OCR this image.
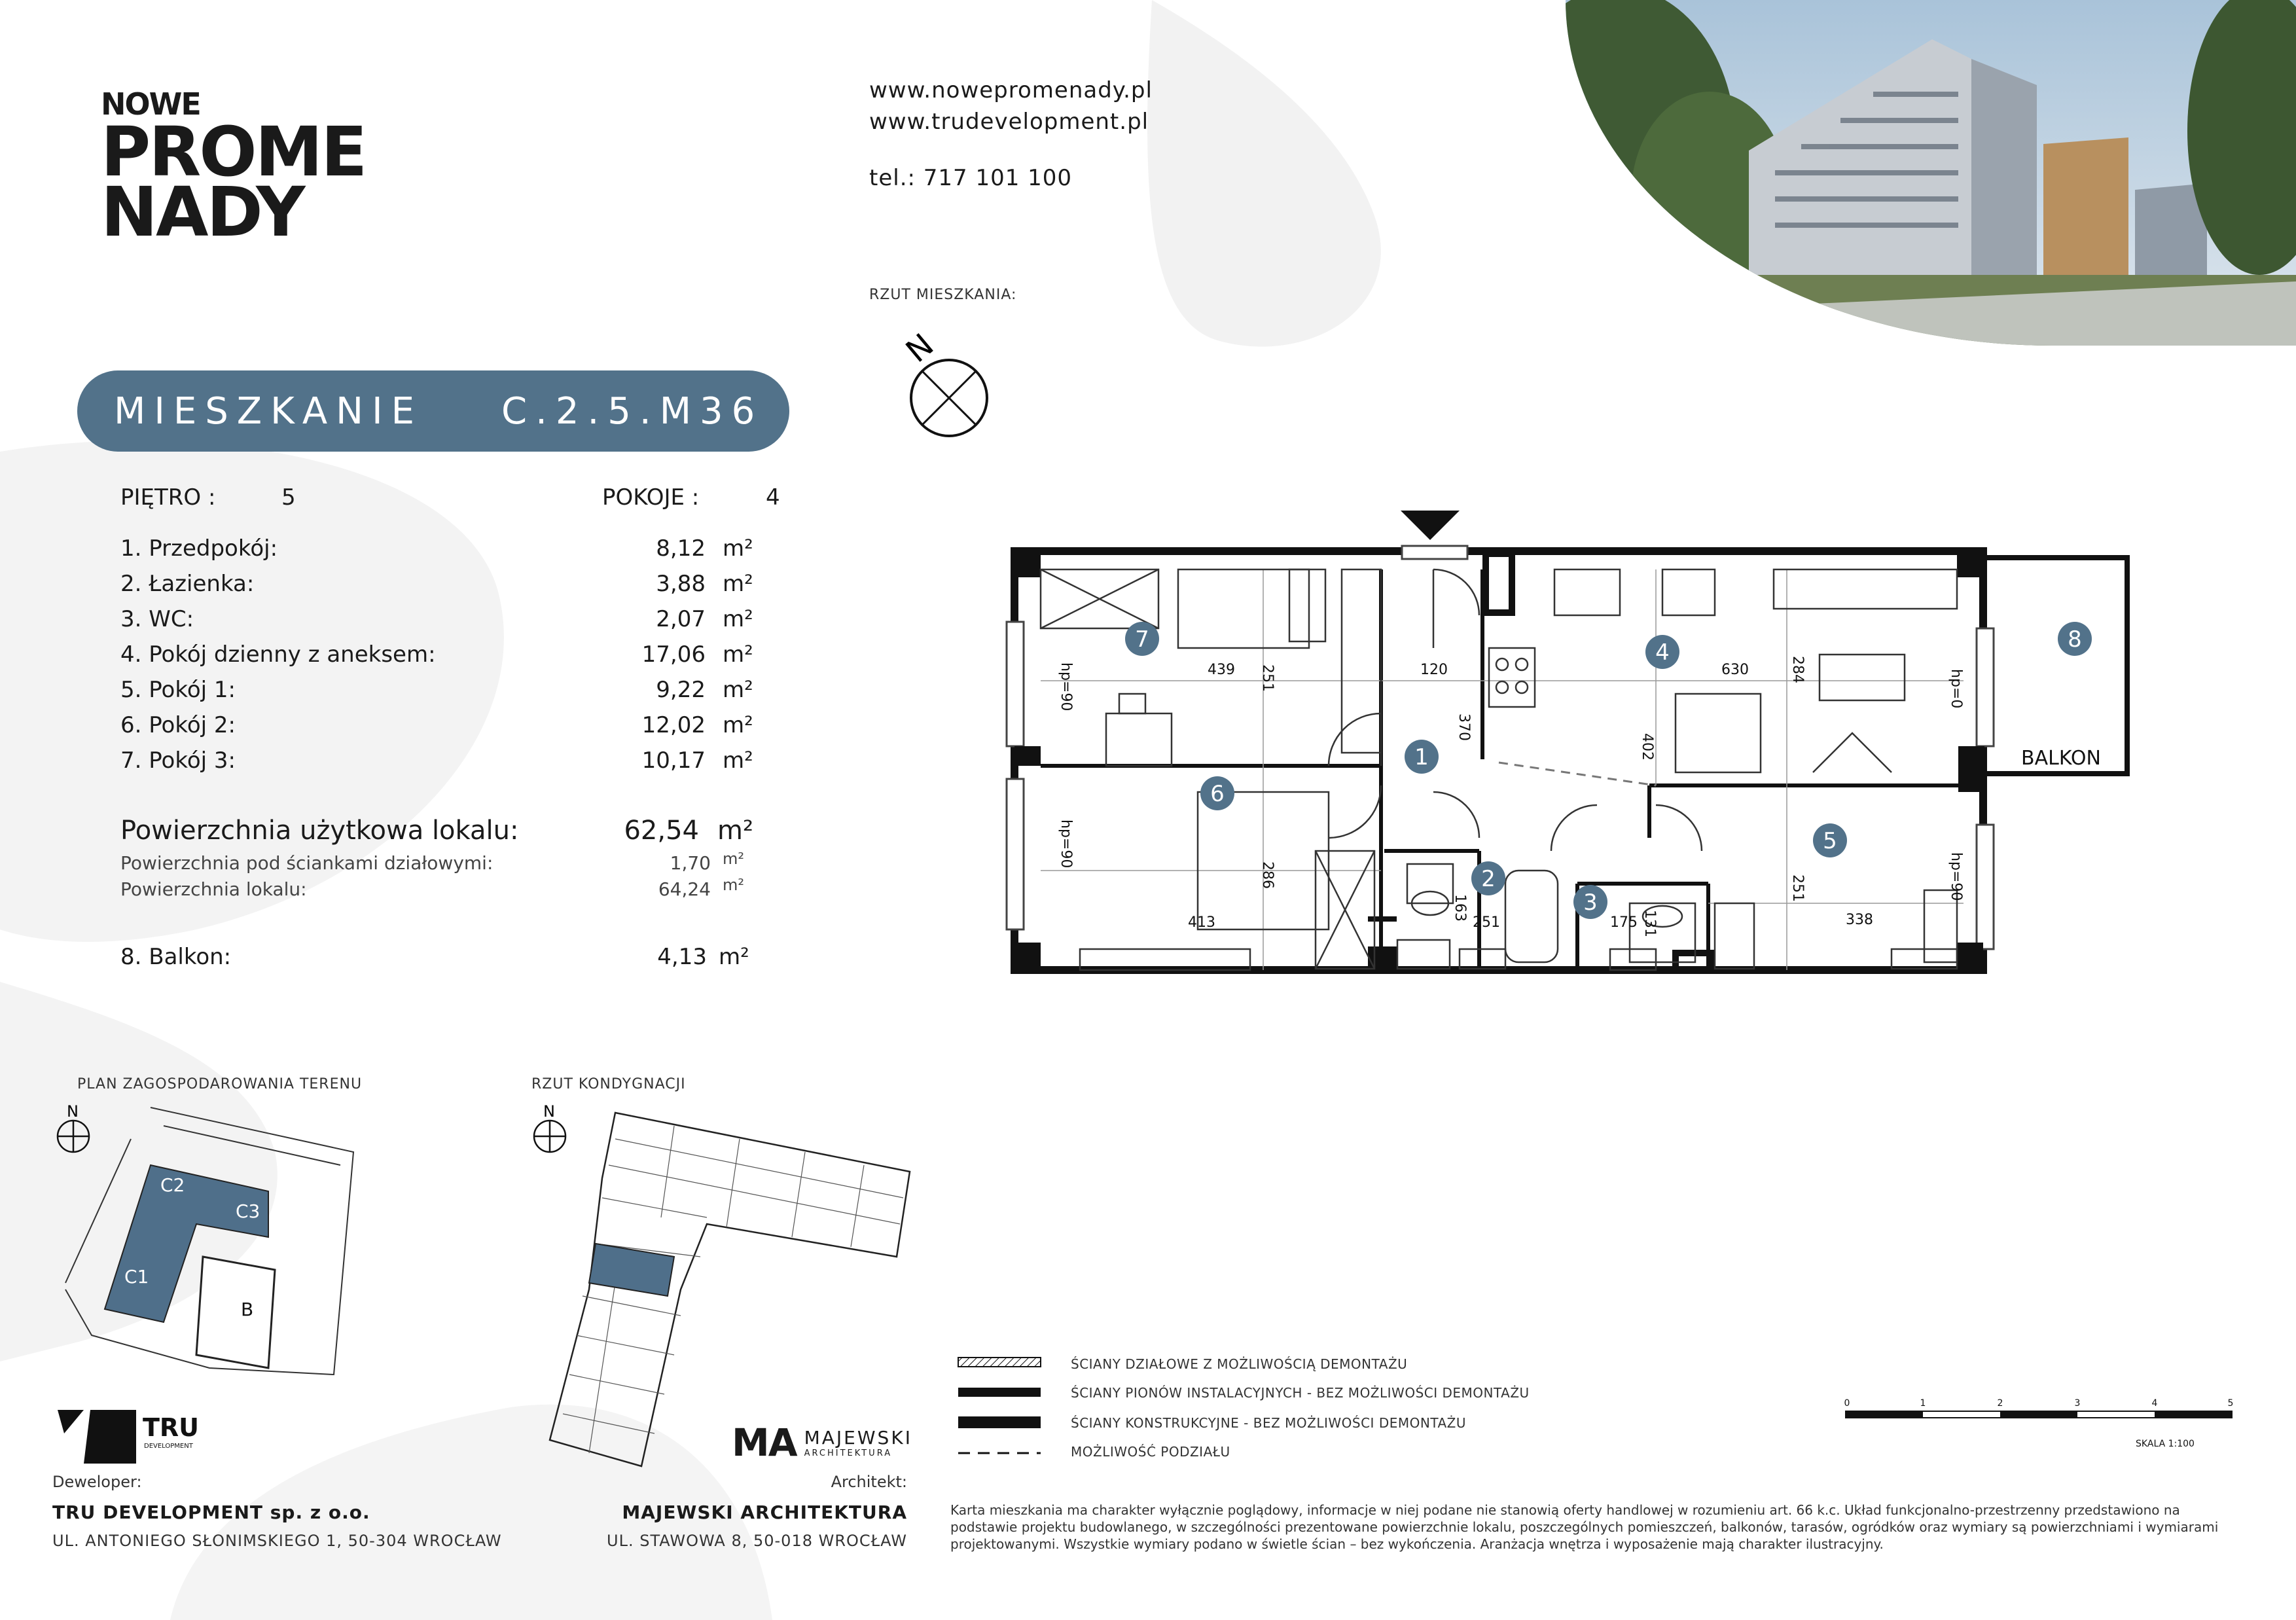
NOWE
PROME
NADY
www.nowepromenady.pl
www.trudevelopment.pl
tel.: 717 101 100
RZUT MIESZKANIA:
N
MIESZKANIE C.2.5.M36
PIĘTRO :	5	POKOJE :	4
1. Przedpokój:	8,12 m²
2. Łazienka:	3,88 m²
3. WC:	2,07 m²
4. Pokój dzienny z aneksem:	17,06 m²
5. Pokój 1:	9,22 m²
6. Pokój 2:	12,02 m²
7. Pokój 3:	10,17 m²
Powierzchnia użytkowa lokalu:	62,54 m²
Powierzchnia pod ściankami działowymi:	1,70 m²
Powierzchnia lokalu:	64,24 m²
8. Balkon:	4,13 m²
1
2
3
4
5
6
7	8
439 251	120
370
630	284
402
413
286
163
251	175 131
251
338
hp=90
hp=90
hp=0
hp=90
BALKON
PLAN ZAGOSPODAROWANIA TERENU
N
C2
C3
C1
B
RZUT KONDYGNACJI
N
ŚCIANY DZIAŁOWE Z MOŻLIWOŚCIĄ DEMONTAŻU
ŚCIANY PIONÓW INSTALACYJNYCH - BEZ MOŻLIWOŚCI DEMONTAŻU
ŚCIANY KONSTRUKCYJNE - BEZ MOŻLIWOŚCI DEMONTAŻU
MOŻLIWOŚĆ PODZIAŁU
0	1	2	3	4	5
SKALA 1:100
Karta mieszkania ma charakter wyłącznie poglądowy, informacje w niej podane nie stanowią oferty handlowej w rozumieniu art. 66 k.c. Układ funkcjonalno-przestrzenny przedstawiono na podstawie projektu budowlanego, w szczególności prezentowane powierzchnie lokalu, poszczególnych pomieszczeń, balkonów, tarasów, ogródków oraz wymiary są powierzchniami i wymiarami projektowanymi. Wszystkie wymiary podano w świetle ścian – bez wykończenia. Aranżacja wnętrza i wyposażenie mają charakter ilustracyjny.
TRU
DEVELOPMENT
Deweloper:
TRU DEVELOPMENT sp. z o.o.
UL. ANTONIEGO SŁONIMSKIEGO 1, 50-304 WROCŁAW
MA MAJEWSKI
ARCHITEKTURA
Architekt:
MAJEWSKI ARCHITEKTURA
UL. STAWOWA 8, 50-018 WROCŁAW
